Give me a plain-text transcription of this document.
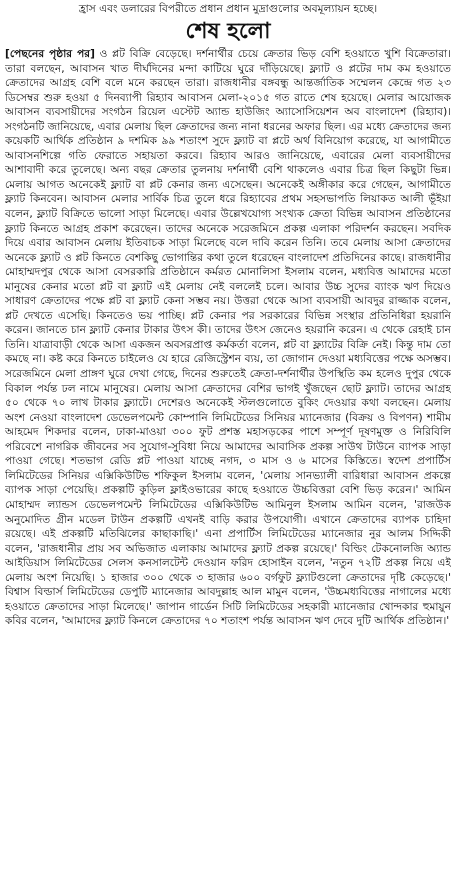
হ্রাস এবং ডলারের বিপরীতে প্রধান প্রধান মুদ্রাগুলোর অবমূল্যায়ন হচ্ছে।
শেষ হলো
[পেছনের পৃষ্ঠার পর] ও প্লট বিক্রি বেড়েছে। দর্শনার্থীর চেয়ে ক্রেতার ভিড় বেশি হওয়াতে খুশি বিক্রেতারা। তারা বলছেন, আবাসন খাত দীর্ঘদিনের মন্দা কাটিয়ে ঘুরে দাঁড়িয়েছে। ফ্ল্যাট ও প্লটের দাম কম হওয়াতে ক্রেতাদের আগ্রহ বেশি বলে মনে করছেন তারা। রাজধানীর বঙ্গবন্ধু আন্তর্জাতিক সম্মেলন কেন্দ্রে গত ২৩ ডিসেম্বর শুরু হওয়া ৫ দিনব্যাপী রিহ্যাব আবাসন মেলা-২০১৫ গত রাতে শেষ হয়েছে। মেলার আয়োজক আবাসন ব্যবসায়ীদের সংগঠন রিয়েল এস্টেট অ্যান্ড হাউজিং অ্যাসোসিয়েশন অব বাংলাদেশ (রিহ্যাব)। সংগঠনটি জানিয়েছে, এবার মেলায় ছিল ক্রেতাদের জন্য নানা ধরনের অফার ছিল। এর মধ্যে ক্রেতাদের জন্য কয়েকটি আর্থিক প্রতিষ্ঠান ৯ দশমিক ৯৯ শতাংশ সুদে ফ্ল্যাট বা প্লটে অর্থ বিনিয়োগ করেছে, যা আগামীতে আবাসনশিল্পে গতি ফেরাতে সহায়তা করবে। রিহ্যাব আরও জানিয়েছে, এবারের মেলা ব্যবসায়ীদের আশাবাদী করে তুলেছে। অন্য বছর ক্রেতার তুলনায় দর্শনার্থী বেশি থাকলেও এবার চিত্র ছিল কিছুটা ভিন্ন। মেলায় আগত অনেকেই ফ্ল্যাট বা প্লট কেনার জন্য এসেছেন। অনেকেই অঙ্গীকার করে গেছেন, আগামীতে ফ্ল্যাট কিনবেন। আবাসন মেলার সার্বিক চিত্র তুলে ধরে রিহ্যাবের প্রথম সহসভাপতি লিয়াকত আলী ভূঁইয়া বলেন, ফ্ল্যাট বিক্রিতে ভালো সাড়া মিলেছে। এবার উল্লেখযোগ্য সংখ্যক ক্রেতা বিভিন্ন আবাসন প্রতিষ্ঠানের ফ্ল্যাট কিনতে আগ্রহ প্রকাশ করেছেন। তাদের অনেকে সরেজমিনে প্রকল্প এলাকা পরিদর্শন করছেন। সবদিক দিয়ে এবার আবাসন মেলায় ইতিবাচক সাড়া মিলেছে বলে দাবি করেন তিনি। তবে মেলায় আসা ক্রেতাদের অনেকে ফ্ল্যাট ও প্লট কিনতে বেশকিছু ভোগান্তির কথা তুলে ধরেছেন বাংলাদেশ প্রতিদিনের কাছে। রাজধানীর মোহাম্মদপুর থেকে আসা বেসরকারি প্রতিষ্ঠানে কর্মরত মোনালিসা ইসলাম বলেন, মধ্যবিত্ত আমাদের মতো মানুষের কেনার মতো প্লট বা ফ্ল্যাট এই মেলায় নেই বললেই চলে। আবার উচ্চ সুদের ব্যাংক ঋণ দিয়েও সাধারণ ক্রেতাদের পক্ষে প্লট বা ফ্ল্যাট কেনা সম্ভব নয়। উত্তরা থেকে আসা ব্যবসায়ী আবদুর রাজ্জাক বলেন, প্লট দেখতে এসেছি। কিনতেও ভয় পাচ্ছি। প্লট কেনার পর সরকারের বিভিন্ন সংস্থার প্রতিনিধিরা হয়রানি করেন। জানতে চান ফ্ল্যাট কেনার টাকার উৎস কী। তাদের উৎস জেনেও হয়রানি করেন। এ থেকে রেহাই চান তিনি। যাত্রাবাড়ী থেকে আসা একজন অবসরপ্রাপ্ত কর্মকর্তা বলেন, প্লট বা ফ্ল্যাটের বিক্রি নেই। কিন্তু দাম তো কমছে না। কষ্ট করে কিনতে চাইলেও যে হারে রেজিস্ট্রেশন ব্যয়, তা জোগান দেওয়া মধ্যবিত্তের পক্ষে অসম্ভব। সরেজমিনে মেলা প্রাঙ্গণ ঘুরে দেখা গেছে, দিনের শুরুতেই ক্রেতা-দর্শনার্থীর উপস্থিতি কম হলেও দুপুর থেকে বিকাল পর্যন্ত ঢল নামে মানুষের। মেলায় আসা ক্রেতাদের বেশির ভাগই খুঁজছেন ছোট ফ্ল্যাট। তাদের আগ্রহ ৫০ থেকে ৭০ লাখ টাকার ফ্ল্যাটে। দেশেরও অনেকেই স্টলগুলোতে বুকিং দেওয়ার কথা বলছেন। মেলায় অংশ নেওয়া বাংলাদেশ ডেভেলপমেন্ট কোম্পানি লিমিটেডের সিনিয়র ম্যানেজার (বিক্রয় ও বিপণন) শামীম আহমেদ শিকদার বলেন, ঢাকা-মাওয়া ৩০০ ফুট প্রশস্ত মহাসড়কের পাশে সম্পূর্ণ দূষণমুক্ত ও নিরিবিলি পরিবেশে নাগরিক জীবনের সব সুযোগ-সুবিধা নিয়ে আমাদের আবাসিক প্রকল্প সাউথ টাউনে ব্যাপক সাড়া পাওয়া গেছে। শতভাগ রেডি প্লট পাওয়া যাচ্ছে নগদ, ৩ মাস ও ৬ মাসের কিস্তিতে। স্বদেশ প্রপার্টিস লিমিটেডের সিনিয়র এক্সিকিউটিভ শফিকুল ইসলাম বলেন, 'মেলায় সানভ্যালী বারিধারা আবাসন প্রকল্পে ব্যাপক সাড়া পেয়েছি। প্রকল্পটি কুড়িল ফ্লাইওভারের কাছে হওয়াতে উচ্চবিত্তরা বেশি ভিড় করেন।' আমিন মোহাম্মদ ল্যান্ডস ডেভেলপমেন্ট লিমিটেডের এক্সিকিউটিভ আমিনুল ইসলাম আমিন বলেন, 'রাজউক অনুমোদিত গ্রীন মডেল টাউন প্রকল্পটি এখনই বাড়ি করার উপযোগী। এখানে ক্রেতাদের ব্যাপক চাহিদা রয়েছে। এই প্রকল্পটি মতিঝিলের কাছাকাছি।' এনা প্রপার্টিস লিমিটেডের ম্যানেজার নুর আলম সিদ্দিকী বলেন, 'রাজধানীর প্রায় সব অভিজাত এলাকায় আমাদের ফ্ল্যাট প্রকল্প রয়েছে।' বিল্ডিং টেকনোলজি অ্যান্ড আইডিয়াস লিমিটেডের সেলস কনসালটেন্ট দেওয়ান ফরিদ হোসাইন বলেন, 'নতুন ৭২টি প্রকল্প নিয়ে এই মেলায় অংশ নিয়েছি। ১ হাজার ৩০০ থেকে ৩ হাজার ৬০০ বর্গফুট ফ্ল্যাটগুলো ক্রেতাদের দৃষ্টি কেড়েছে।' বিশ্বাস বিল্ডার্স লিমিটেডের ডেপুটি ম্যানেজার আবদুল্লাহ আল মামুন বলেন, 'উচ্চমধ্যবিত্তের নাগালের মধ্যে হওয়াতে ক্রেতাদের সাড়া মিলেছে।' জাপান গার্ডেন সিটি লিমিটেডের সহকারী ম্যানেজার খোন্দকার হুমায়ুন কবির বলেন, 'আমাদের ফ্ল্যাট কিনলে ক্রেতাদের ৭০ শতাংশ পর্যন্ত আবাসন ঋণ দেবে দুটি আর্থিক প্রতিষ্ঠান।'
